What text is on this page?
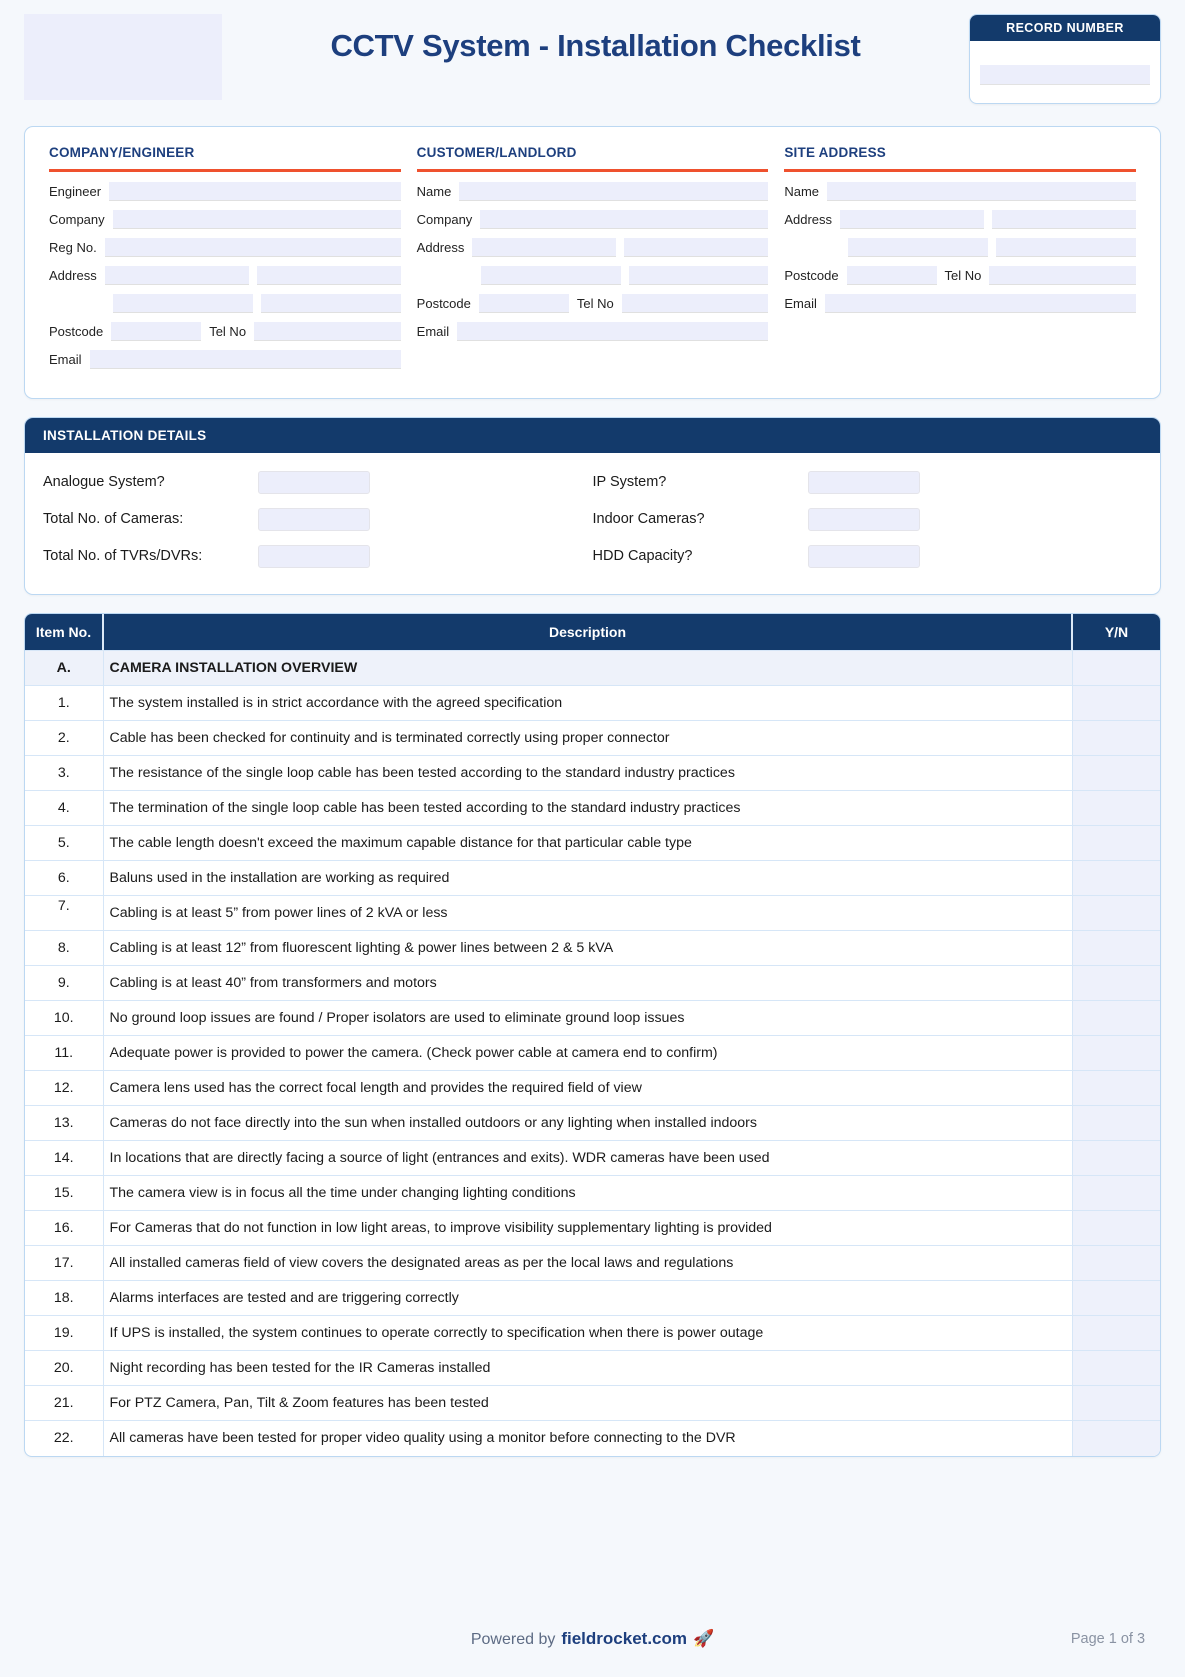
CCTV System - Installation Checklist	RECORD NUMBER
COMPANY/ENGINEER
Engineer
Company
Reg No.
Address
Postcode	Tel No
Email
CUSTOMER/LANDLORD
Name
Company
Address
Postcode	Tel No
Email
SITE ADDRESS
Name
Address
Postcode	Tel No
Email
INSTALLATION DETAILS
Analogue System?	IP System?
Total No. of Cameras:	Indoor Cameras?
Total No. of TVRs/DVRs:	HDD Capacity?
Item No.	Description	Y/N
A.	CAMERA INSTALLATION OVERVIEW	
1.	The system installed is in strict accordance with the agreed specification	
2.	Cable has been checked for continuity and is terminated correctly using proper connector	
3.	The resistance of the single loop cable has been tested according to the standard industry practices	
4.	The termination of the single loop cable has been tested according to the standard industry practices	
5.	The cable length doesn't exceed the maximum capable distance for that particular cable type	
6.	Baluns used in the installation are working as required	
7.	Cabling is at least 5” from power lines of 2 kVA or less	
8.	Cabling is at least 12” from fluorescent lighting & power lines between 2 & 5 kVA	
9.	Cabling is at least 40” from transformers and motors	
10.	No ground loop issues are found / Proper isolators are used to eliminate ground loop issues	
11.	Adequate power is provided to power the camera. (Check power cable at camera end to confirm)	
12.	Camera lens used has the correct focal length and provides the required field of view	
13.	Cameras do not face directly into the sun when installed outdoors or any lighting when installed indoors	
14.	In locations that are directly facing a source of light (entrances and exits). WDR cameras have been used	
15.	The camera view is in focus all the time under changing lighting conditions	
16.	For Cameras that do not function in low light areas, to improve visibility supplementary lighting is provided	
17.	All installed cameras field of view covers the designated areas as per the local laws and regulations	
18.	Alarms interfaces are tested and are triggering correctly	
19.	If UPS is installed, the system continues to operate correctly to specification when there is power outage	
20.	Night recording has been tested for the IR Cameras installed	
21.	For PTZ Camera, Pan, Tilt & Zoom features has been tested	
22.	All cameras have been tested for proper video quality using a monitor before connecting to the DVR	
Powered by fieldrocket.com 🚀	Page 1 of 3
